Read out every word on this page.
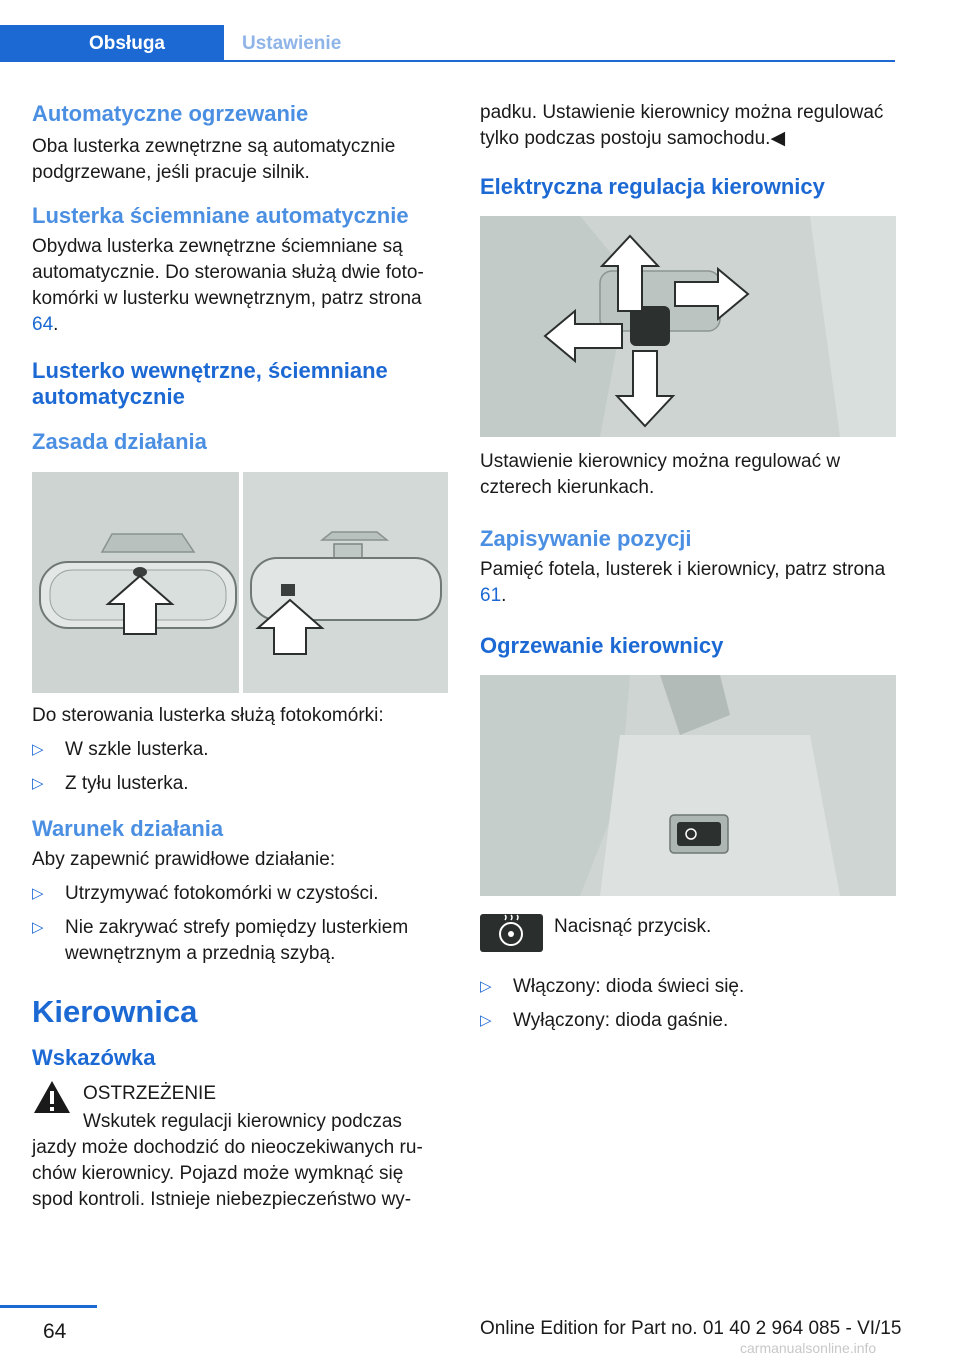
Obsługa	Ustawienie
Automatyczne ogrzewanie

Oba lusterka zewnętrzne są automatycznie podgrzewane, jeśli pracuje silnik.

Lusterka ściemniane automatycznie

Obydwa lusterka zewnętrzne ściemniane są automatycznie. Do sterowania służą dwie fotokomórki w lusterku wewnętrznym, patrz strona 64.

Lusterko wewnętrzne, ściemniane automatycznie
Zasada działania

Do sterowania lusterka służą fotokomórki:

▷ W szkle lusterka.
▷ Z tyłu lusterka.
Warunek działania

Aby zapewnić prawidłowe działanie:

▷ Utrzymywać fotokomórki w czystości.
▷ Nie zakrywać strefy pomiędzy lusterkiem wewnętrznym a przednią szybą.
Kierownica
Wskazówka

OSTRZEŻENIE

Wskutek regulacji kierownicy podczas jazdy może dochodzić do nieoczekiwanych ruchów kierownicy. Pojazd może wymknąć się spod kontroli. Istnieje niebezpieczeństwo wy-

padku. Ustawienie kierownicy można regulować tylko podczas postoju samochodu.◀

Elektryczna regulacja kierownicy

Ustawienie kierownicy można regulować w czterech kierunkach.

Zapisywanie pozycji

Pamięć fotela, lusterek i kierownicy, patrz strona 61.

Ogrzewanie kierownicy

Nacisnąć przycisk.

▷ Włączony: dioda świeci się.
▷ Wyłączony: dioda gaśnie.
64	Online Edition for Part no. 01 40 2 964 085 - VI/15
carmanualsonline.info
